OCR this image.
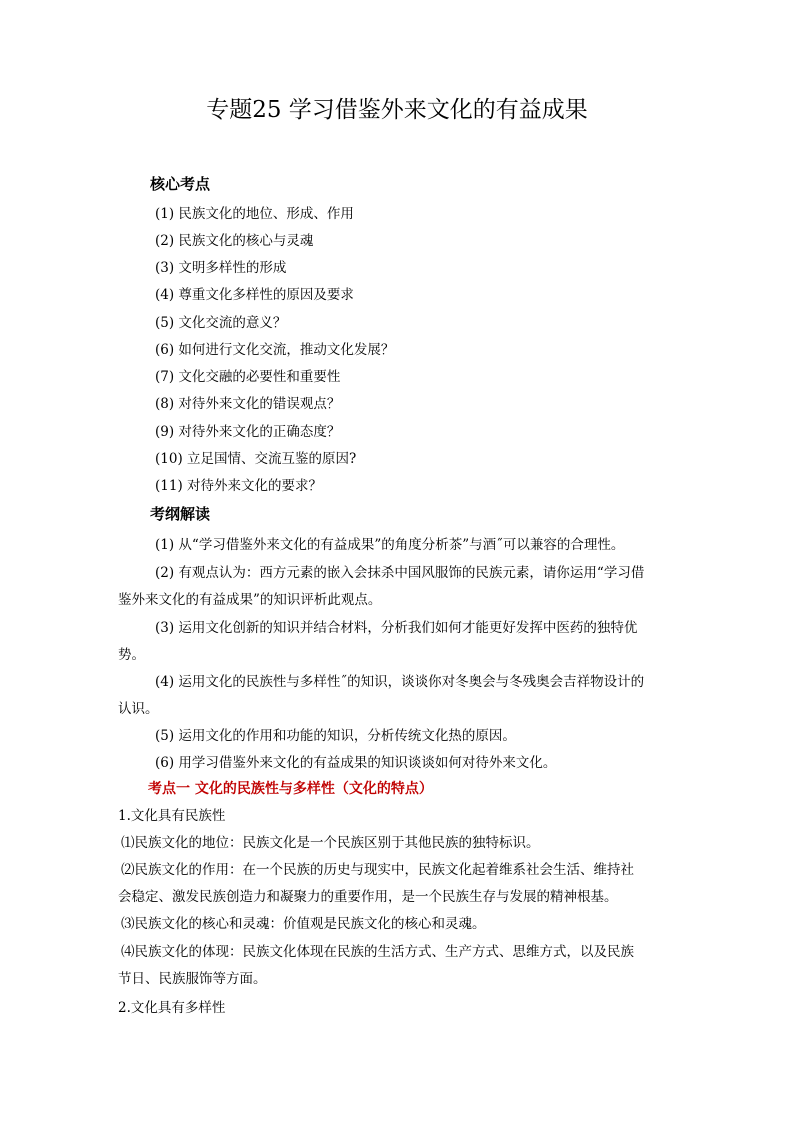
专题25 学习借鉴外来文化的有益成果
核心考点
(1) 民族文化的地位、形成、作用
(2) 民族文化的核心与灵魂
(3) 文明多样性的形成
(4) 尊重文化多样性的原因及要求
(5) 文化交流的意义？
(6) 如何进行文化交流，推动文化发展？
(7) 文化交融的必要性和重要性
(8) 对待外来文化的错误观点？
(9) 对待外来文化的正确态度？
(10) 立足国情、交流互鉴的原因?
(11) 对待外来文化的要求？
考纲解读
(1) 从“学习借鉴外来文化的有益成果”的角度分析茶”与酒˝可以兼容的合理性。
(2) 有观点认为：西方元素的嵌入会抹杀中国风服饰的民族元素，请你运用“学习借
鉴外来文化的有益成果”的知识评析此观点。
(3) 运用文化创新的知识并结合材料，分析我们如何才能更好发挥中医药的独特优
势。
(4) 运用文化的民族性与多样性˝的知识，谈谈你对冬奥会与冬残奥会吉祥物设计的
认识。
(5) 运用文化的作用和功能的知识，分析传统文化热的原因。
(6) 用学习借鉴外来文化的有益成果的知识谈谈如何对待外来文化。
考点一 文化的民族性与多样性（文化的特点）
1.文化具有民族性
⑴民族文化的地位：民族文化是一个民族区别于其他民族的独特标识。
⑵民族文化的作用：在一个民族的历史与现实中，民族文化起着维系社会生活、维持社
会稳定、激发民族创造力和凝聚力的重要作用，是一个民族生存与发展的精神根基。
⑶民族文化的核心和灵魂：价值观是民族文化的核心和灵魂。
⑷民族文化的体现：民族文化体现在民族的生活方式、生产方式、思维方式，以及民族
节日、民族服饰等方面。
2.文化具有多样性
